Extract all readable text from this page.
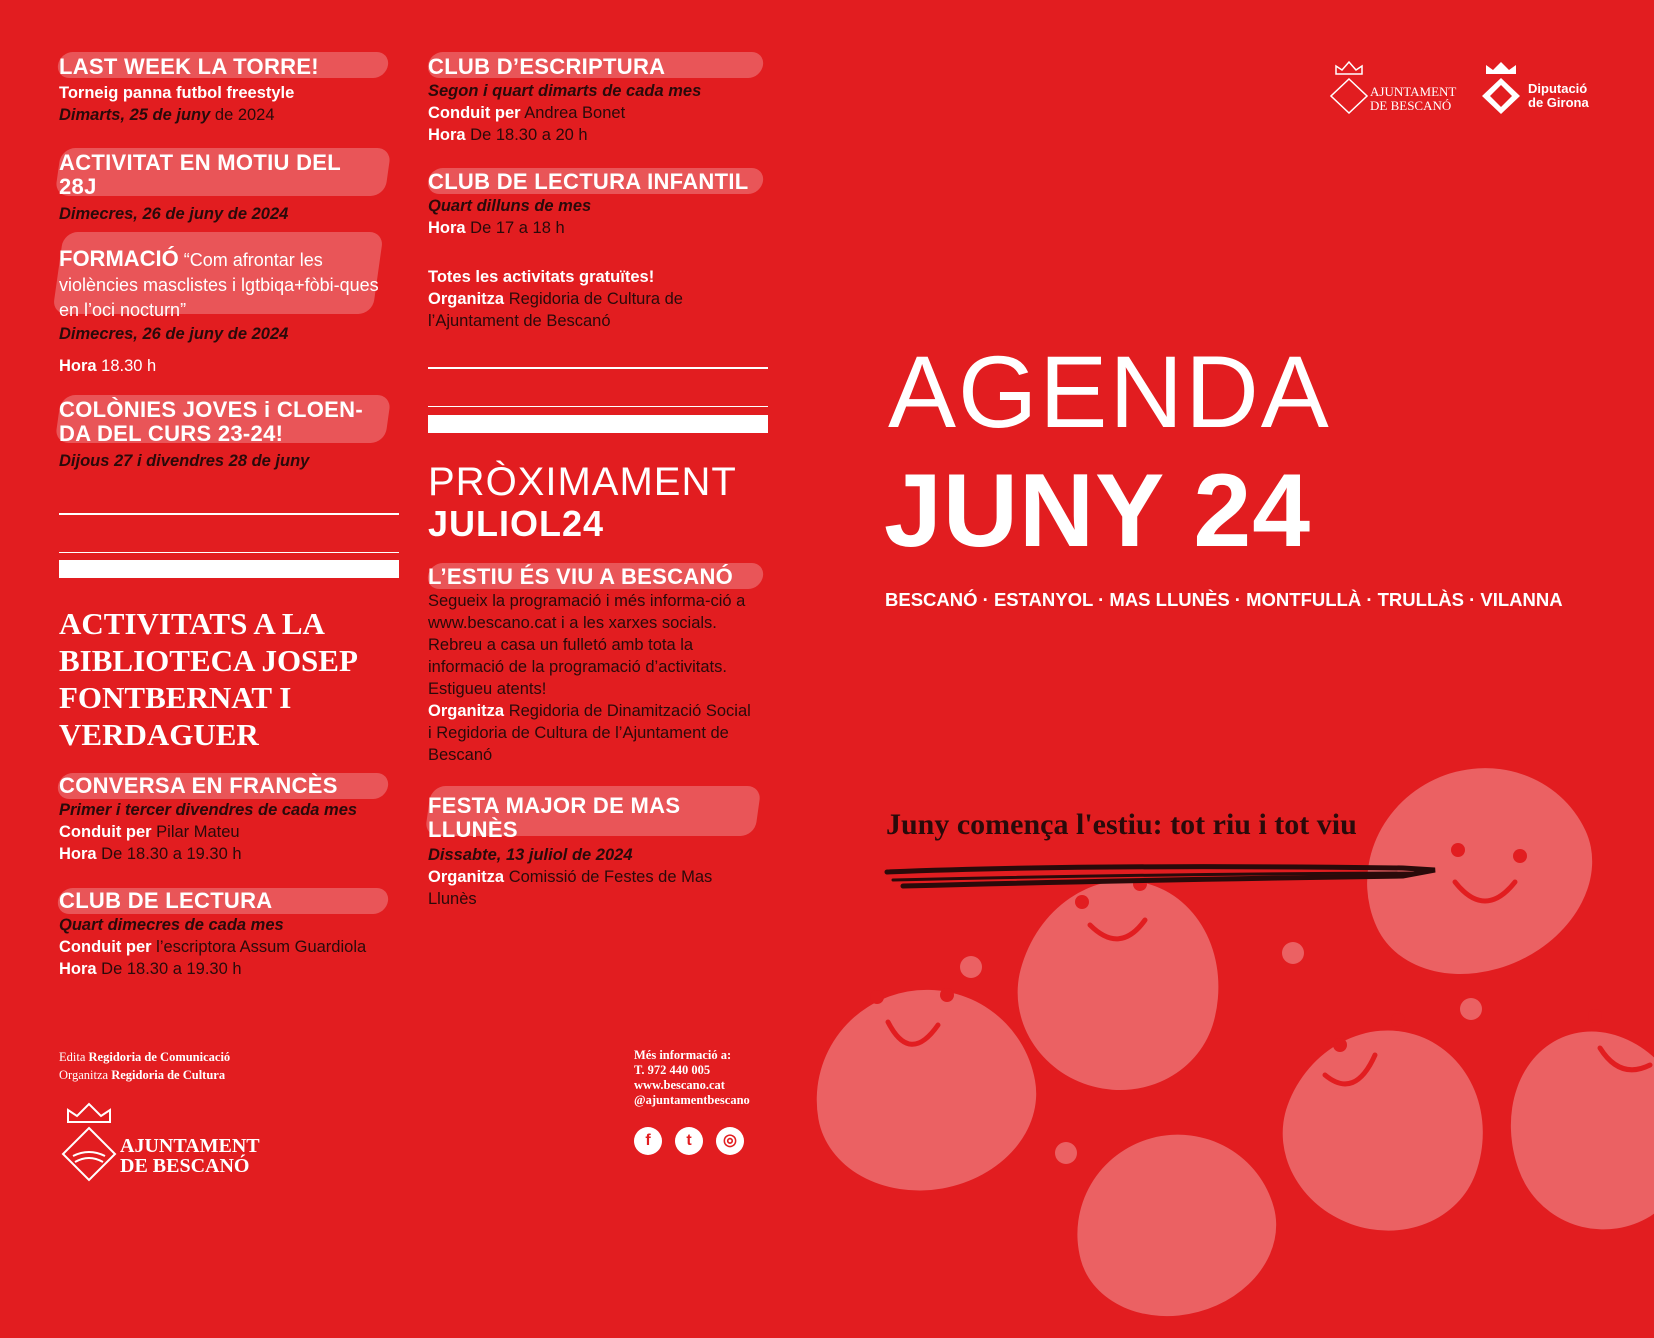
LAST WEEK LA TORRE!
Torneig panna futbol freestyle
Dimarts, 25 de juny de 2024
ACTIVITAT EN MOTIU DEL 28J
Dimecres, 26 de juny de 2024
FORMACIÓ “Com afrontar les violències masclistes i lgtbiqa+fòbi-ques en l’oci nocturn”
Dimecres, 26 de juny de 2024
Hora 18.30 h
COLÒNIES JOVES i CLOEN-DA DEL CURS 23-24!
Dijous 27 i divendres 28 de juny
ACTIVITATS A LA BIBLIOTECA JOSEP FONTBERNAT I VERDAGUER
CONVERSA EN FRANCÈS
Primer i tercer divendres de cada mes
Conduit per Pilar Mateu
Hora De 18.30 a 19.30 h
CLUB DE LECTURA
Quart dimecres de cada mes
Conduit per l’escriptora Assum Guardiola
Hora De 18.30 a 19.30 h
Edita Regidoria de Comunicació
Organitza Regidoria de Cultura
AJUNTAMENT
DE BESCANÓ
CLUB D’ESCRIPTURA
Segon i quart dimarts de cada mes
Conduit per Andrea Bonet
Hora De 18.30 a 20 h
CLUB DE LECTURA INFANTIL
Quart dilluns de mes
Hora De 17 a 18 h
Totes les activitats gratuïtes!
Organitza Regidoria de Cultura de l’Ajuntament de Bescanó
PRÒXIMAMENT
JULIOL24
L’ESTIU ÉS VIU A BESCANÓ
Segueix la programació i més informa-ció a www.bescano.cat i a les xarxes socials. Rebreu a casa un fulletó amb tota la informació de la programació d’activitats. Estigueu atents!
Organitza Regidoria de Dinamització Social i Regidoria de Cultura de l’Ajuntament de Bescanó
FESTA MAJOR DE MAS LLUNÈS
Dissabte, 13 juliol de 2024
Organitza Comissió de Festes de Mas Llunès
Més informació a:
T. 972 440 005
www.bescano.cat
@ajuntamentbescano
f	t	◎
AJUNTAMENT
DE BESCANÓ
Diputació
de Girona
AGENDA
JUNY 24
BESCANÓ · ESTANYOL · MAS LLUNÈS · MONTFULLÀ · TRULLÀS · VILANNA
Juny comença l'estiu: tot riu i tot viu
